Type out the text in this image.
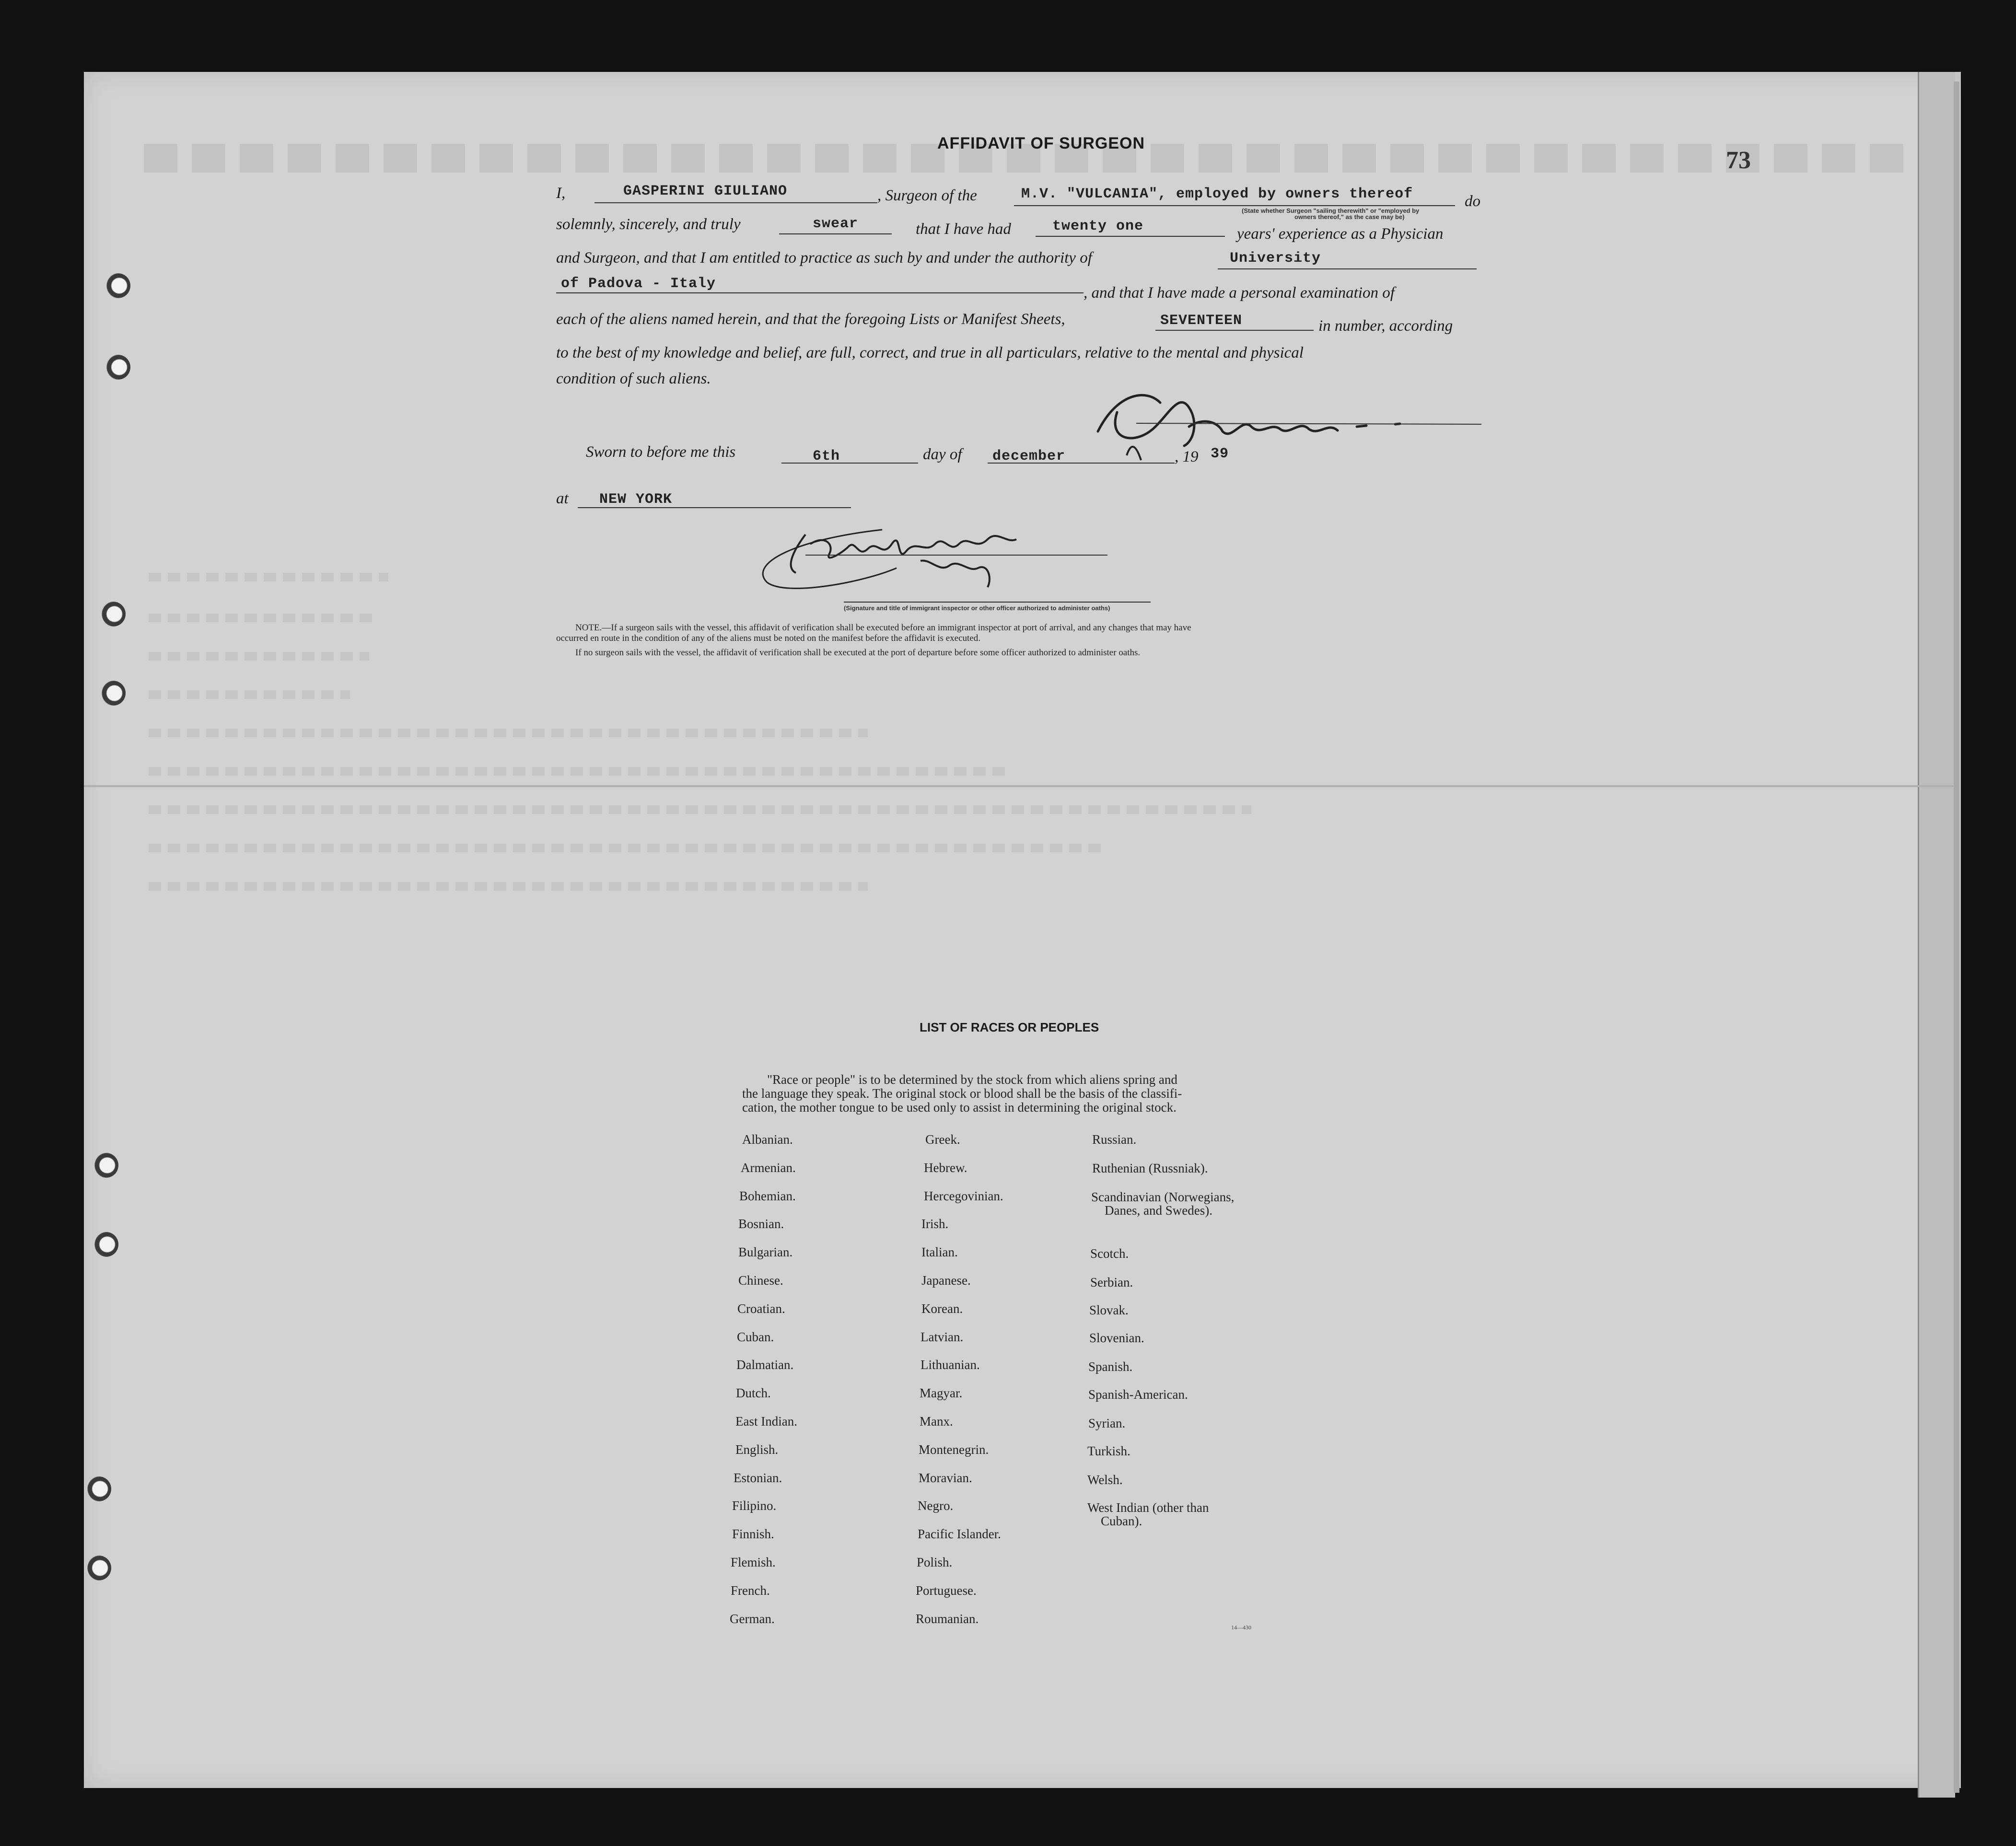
73
AFFIDAVIT OF SURGEON
I,	GASPERINI GIULIANO	, Surgeon of the	M.V. "VULCANIA", employed by owners thereof	do
(State whether Surgeon "sailing therewith" or "employed by
owners thereof," as the case may be)
solemnly, sincerely, and truly	swear	that I have had	twenty one	years' experience as a Physician
and Surgeon, and that I am entitled to practice as such by and under the authority of	University
of Padova - Italy
, and that I have made a personal examination of
each of the aliens named herein, and that the foregoing Lists or Manifest Sheets,	SEVENTEEN	in number, according
to the best of my knowledge and belief, are full, correct, and true in all particulars, relative to the mental and physical
condition of such aliens.
Sworn to before me this	6th	day of december	, 19 39
at NEW YORK
(Signature and title of immigrant inspector or other officer authorized to administer oaths)
NOTE.—If a surgeon sails with the vessel, this affidavit of verification shall be executed before an immigrant inspector at port of arrival, and any changes that may have
occurred en route in the condition of any of the aliens must be noted on the manifest before the affidavit is executed.
If no surgeon sails with the vessel, the affidavit of verification shall be executed at the port of departure before some officer authorized to administer oaths.
LIST OF RACES OR PEOPLES
"Race or people" is to be determined by the stock from which aliens spring and
the language they speak. The original stock or blood shall be the basis of the classifi-
cation, the mother tongue to be used only to assist in determining the original stock.
Albanian.
Armenian.
Bohemian.
Bosnian.
Bulgarian.
Chinese.
Croatian.
Cuban.
Dalmatian.
Dutch.
East Indian.
English.
Estonian.
Filipino.
Finnish.
Flemish.
French.
German.
Greek.
Hebrew.
Hercegovinian.
Irish.
Italian.
Japanese.
Korean.
Latvian.
Lithuanian.
Magyar.
Manx.
Montenegrin.
Moravian.
Negro.
Pacific Islander.
Polish.
Portuguese.
Roumanian.
Russian.
Ruthenian (Russniak).
Scandinavian (Norwegians,
Danes, and Swedes).
Scotch.
Serbian.
Slovak.
Slovenian.
Spanish.
Spanish-American.
Syrian.
Turkish.
Welsh.
West Indian (other than
Cuban).
14—430
